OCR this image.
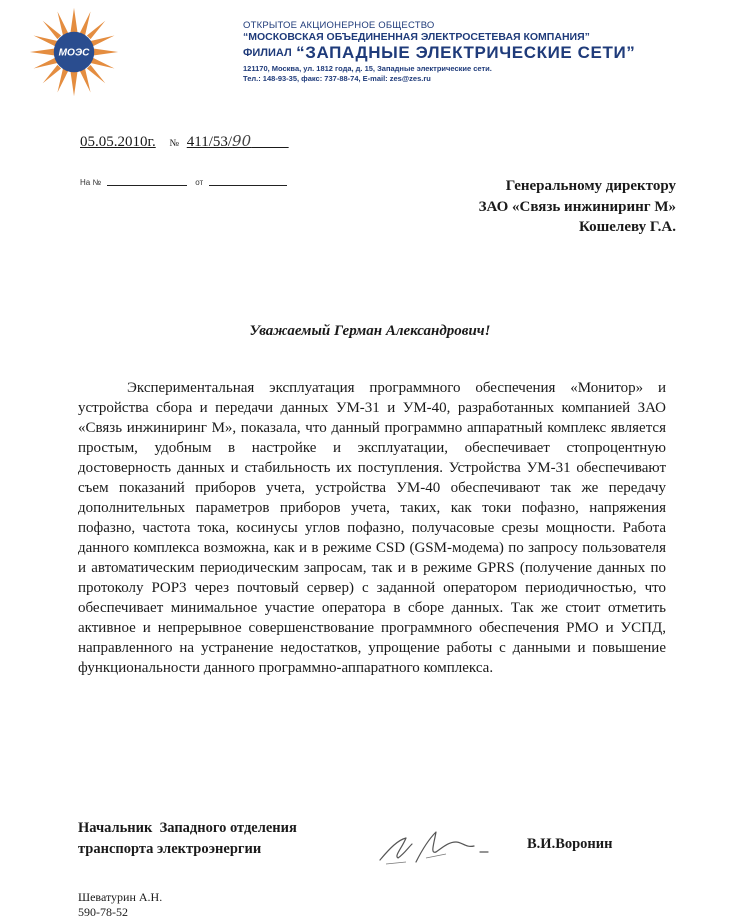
МОЭС
ОТКРЫТОЕ АКЦИОНЕРНОЕ ОБЩЕСТВО
“МОСКОВСКАЯ ОБЪЕДИНЕННАЯ ЭЛЕКТРОСЕТЕВАЯ КОМПАНИЯ”
ФИЛИАЛ “ЗАПАДНЫЕ ЭЛЕКТРИЧЕСКИЕ СЕТИ”
121170, Москва, ул. 1812 года, д. 15, Западные электрические сети.
Тел.: 148-93-35, факс: 737-88-74, E-mail: zes@zes.ru
05.05.2010г. № 411/53/90     
На №	от	Генеральному директору
ЗАО «Связь инжиниринг М»
Кошелеву Г.А.
Уважаемый Герман Александрович!

Экспериментальная эксплуатация программного обеспечения «Монитор» и устройства сбора и передачи данных УМ-31 и УМ-40, разработанных компанией ЗАО «Связь инжиниринг М», показала, что данный программно аппаратный комплекс является простым, удобным в настройке и эксплуатации, обеспечивает стопроцентную достоверность данных и стабильность их поступления. Устройства УМ-31 обеспечивают съем показаний приборов учета, устройства УМ-40 обеспечивают так же передачу дополнительных параметров приборов учета, таких, как токи пофазно, напряжения пофазно, частота тока, косинусы углов пофазно, получасовые срезы мощности. Работа данного комплекса возможна, как и в режиме CSD (GSM-модема) по запросу пользователя и автоматическим периодическим запросам, так и в режиме GPRS (получение данных по протоколу POP3 через почтовый сервер) с заданной оператором периодичностью, что обеспечивает минимальное участие оператора в сборе данных. Так же стоит отметить активное и непрерывное совершенствование программного обеспечения РМО и УСПД, направленного на устранение недостатков, упрощение работы с данными и повышение функциональности данного программно-аппаратного комплекса.

Начальник  Западного отделения
транспорта электроэнергии	В.И.Воронин
Шеватурин А.Н.
590-78-52
